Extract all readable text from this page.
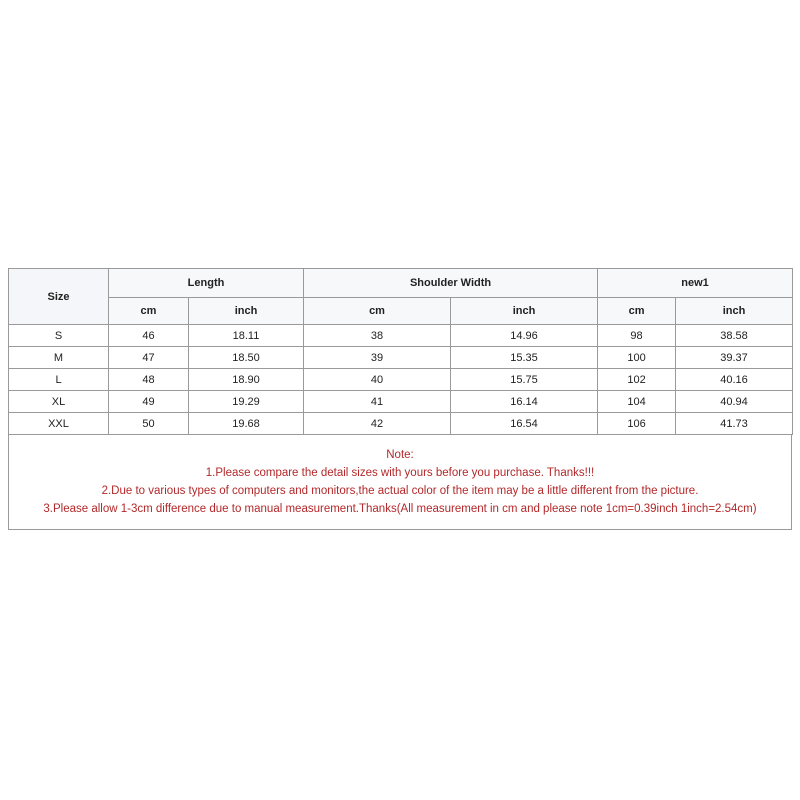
Size	Length		Shoulder Width		new1	
	cm	inch	cm	inch	cm	inch
S	46	18.11	38	14.96	98	38.58
M	47	18.50	39	15.35	100	39.37
L	48	18.90	40	15.75	102	40.16
XL	49	19.29	41	16.14	104	40.94
XXL	50	19.68	42	16.54	106	41.73
Note:
1.Please compare the detail sizes with yours before you purchase. Thanks!!!
2.Due to various types of computers and monitors,the actual color of the item may be a little different from the picture.
3.Please allow 1-3cm difference due to manual measurement.Thanks(All measurement in cm and please note 1cm=0.39inch 1inch=2.54cm)
